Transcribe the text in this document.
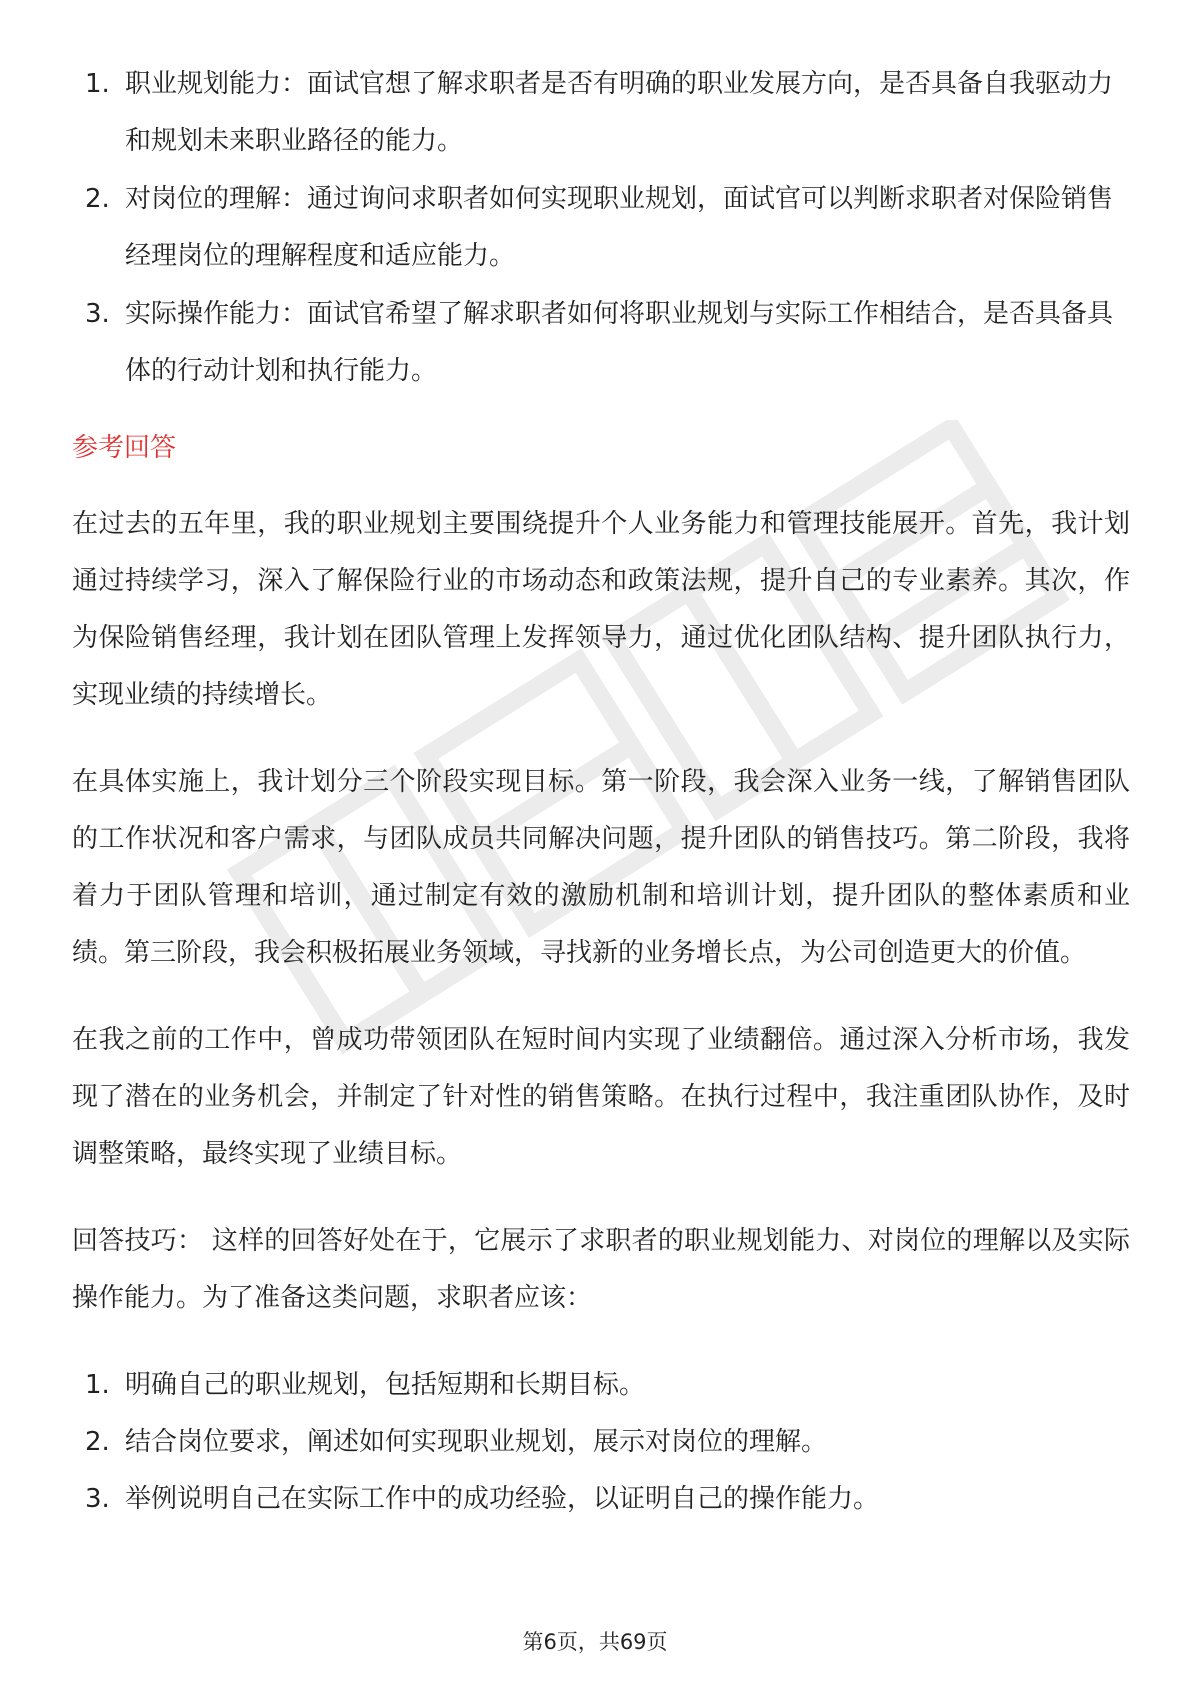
1. 职业规划能力：面试官想了解求职者是否有明确的职业发展方向，是否具备自我驱动力和规划未来职业路径的能力。
2. 对岗位的理解：通过询问求职者如何实现职业规划，面试官可以判断求职者对保险销售经理岗位的理解程度和适应能力。
3. 实际操作能力：面试官希望了解求职者如何将职业规划与实际工作相结合，是否具备具体的行动计划和执行能力。
参考回答

在过去的五年里，我的职业规划主要围绕提升个人业务能力和管理技能展开。首先，我计划通过持续学习，深入了解保险行业的市场动态和政策法规，提升自己的专业素养。其次，作为保险销售经理，我计划在团队管理上发挥领导力，通过优化团队结构、提升团队执行力，实现业绩的持续增长。

在具体实施上，我计划分三个阶段实现目标。第一阶段，我会深入业务一线，了解销售团队的工作状况和客户需求，与团队成员共同解决问题，提升团队的销售技巧。第二阶段，我将着力于团队管理和培训，通过制定有效的激励机制和培训计划，提升团队的整体素质和业绩。第三阶段，我会积极拓展业务领域，寻找新的业务增长点，为公司创造更大的价值。

在我之前的工作中，曾成功带领团队在短时间内实现了业绩翻倍。通过深入分析市场，我发现了潜在的业务机会，并制定了针对性的销售策略。在执行过程中，我注重团队协作，及时调整策略，最终实现了业绩目标。

回答技巧： 这样的回答好处在于，它展示了求职者的职业规划能力、对岗位的理解以及实际操作能力。为了准备这类问题，求职者应该：

1. 明确自己的职业规划，包括短期和长期目标。
2. 结合岗位要求，阐述如何实现职业规划，展示对岗位的理解。
3. 举例说明自己在实际工作中的成功经验，以证明自己的操作能力。
第6页，共69页
